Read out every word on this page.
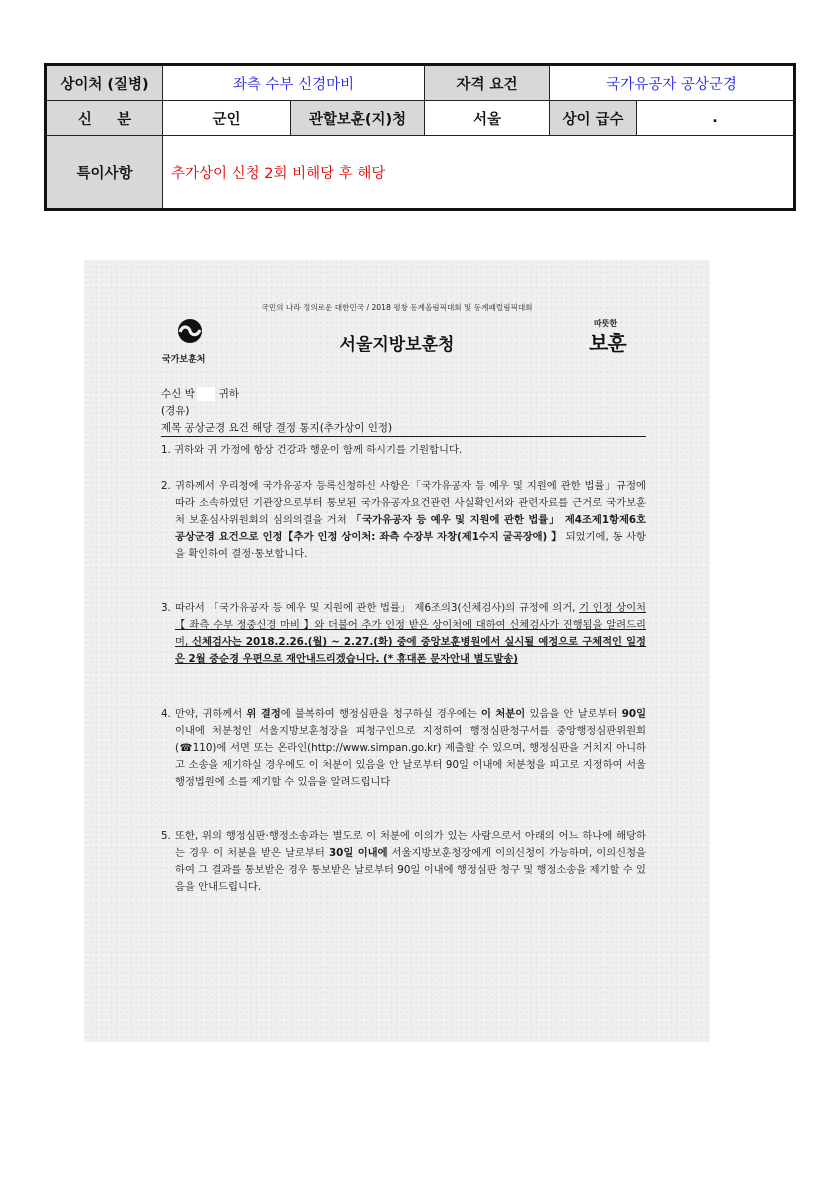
상이처 (질병)	좌측 수부 신경마비		자격 요건	국가유공자 공상군경	
신     분	군인	관할보훈(지)청	서울	상이 급수	.
특이사항	추가상이 신청 2회 비해당 후 해당				
국민의 나라 정의로운 대한민국 / 2018 평창 동계올림픽대회 및 동계패럴림픽대회
국가보훈처
서울지방보훈청
따뜻한
보훈
수신 박 귀하
(경유)
제목 공상군경 요건 해당 결정 통지(추가상이 인정)
1. 귀하와 귀 가정에 항상 건강과 행운이 함께 하시기를 기원합니다.
2. 귀하께서 우리청에 국가유공자 등록신청하신 사항은「국가유공자 등 예우 및 지원에 관한 법률」규정에 따라 소속하였던 기관장으로부터 통보된 국가유공자요건관련 사실확인서와 관련자료를 근거로 국가보훈처 보훈심사위원회의 심의의결을 거쳐 「국가유공자 등 예우 및 지원에 관한 법률」 제4조제1항제6호 공상군경 요건으로 인정【추가 인정 상이처: 좌측 수장부 자창(제1수지 굴곡장애) 】 되었기에, 동 사항을 확인하여 결정·통보합니다.
3. 따라서 「국가유공자 등 예우 및 지원에 관한 법률」 제6조의3(신체검사)의 규정에 의거, 기 인정 상이처【 좌측 수부 정중신경 마비 】와 더불어 추가 인정 받은 상이처에 대하여 신체검사가 진행됨을 알려드리며, 신체검사는 2018.2.26.(월) ~ 2.27.(화) 중에 중앙보훈병원에서 실시될 예정으로 구체적인 일정은 2월 중순경 우편으로 재안내드리겠습니다. (* 휴대폰 문자안내 별도발송)
4. 만약, 귀하께서 위 결정에 불복하여 행정심판을 청구하실 경우에는 이 처분이 있음을 안 날로부터 90일 이내에 처분청인 서울지방보훈청장을 피청구인으로 지정하여 행정심판청구서를 중앙행정심판위원회(☎110)에 서면 또는 온라인(http://www.simpan.go.kr) 제출할 수 있으며, 행정심판을 거치지 아니하고 소송을 제기하실 경우에도 이 처분이 있음을 안 날로부터 90일 이내에 처분청을 피고로 지정하여 서울행정법원에 소를 제기할 수 있음을 알려드립니다
5. 또한, 위의 행정심판·행정소송과는 별도로 이 처분에 이의가 있는 사람으로서 아래의 어느 하나에 해당하는 경우 이 처분을 받은 날로부터 30일 이내에 서울지방보훈청장에게 이의신청이 가능하며, 이의신청을 하여 그 결과를 통보받은 경우 통보받은 날로부터 90일 이내에 행정심판 청구 및 행정소송을 제기할 수 있음을 안내드립니다.
